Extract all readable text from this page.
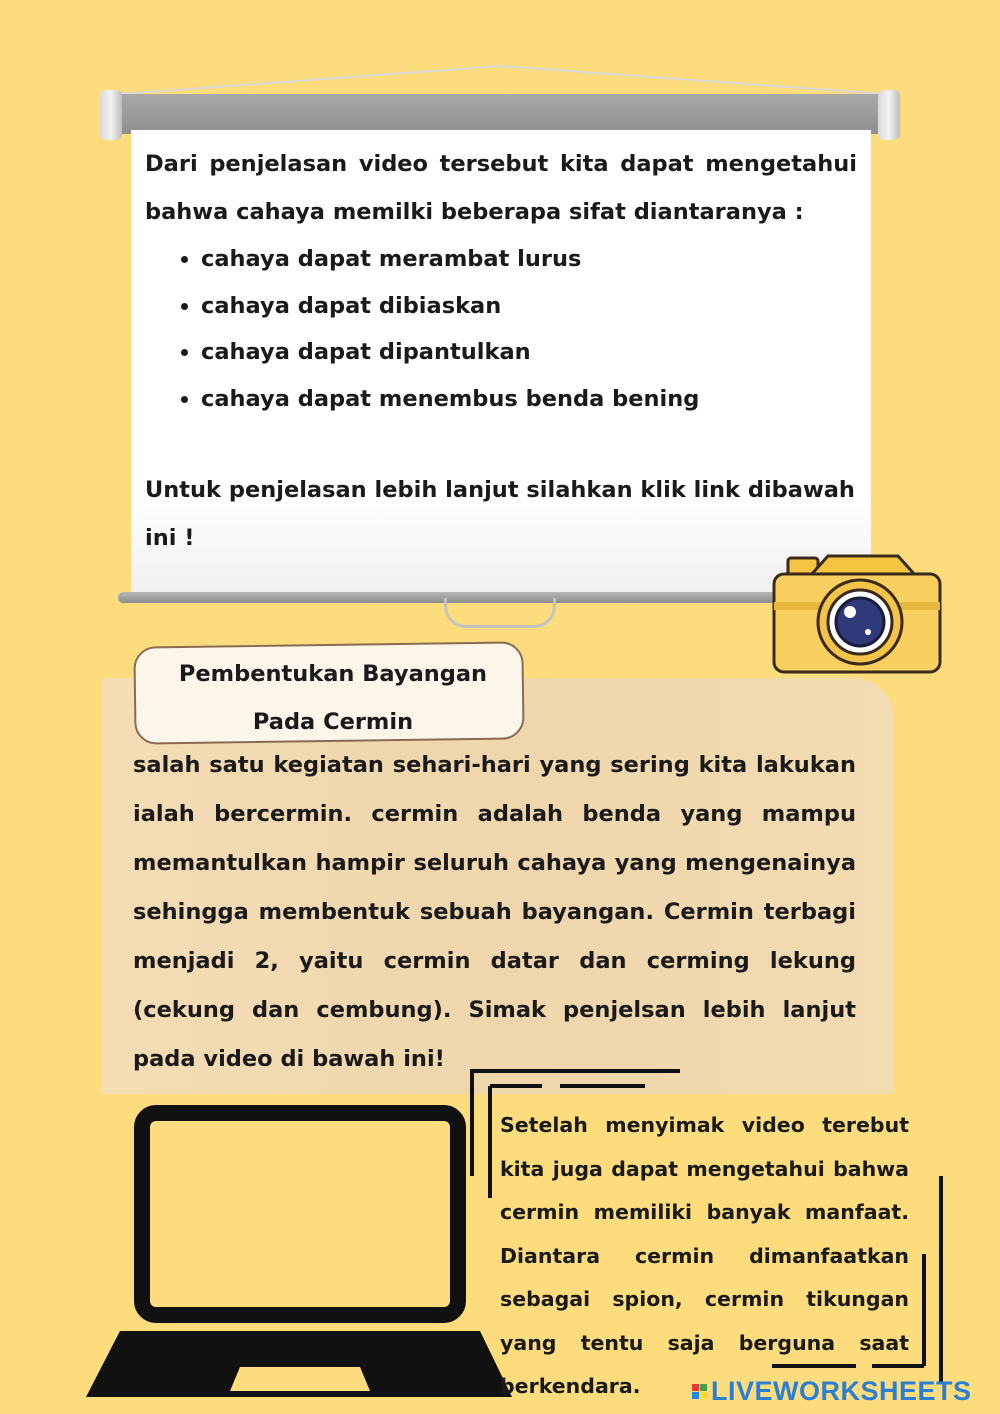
Dari penjelasan video tersebut kita dapat mengetahui bahwa cahaya memilki beberapa sifat diantaranya :

• cahaya dapat merambat lurus
• cahaya dapat dibiaskan
• cahaya dapat dipantulkan
• cahaya dapat menembus benda bening

Untuk penjelasan lebih lanjut silahkan klik link dibawah ini !

Pembentukan Bayangan Pada Cermin

salah satu kegiatan sehari-hari yang sering kita lakukan ialah bercermin. cermin adalah benda yang mampu memantulkan hampir seluruh cahaya yang mengenainya sehingga membentuk sebuah bayangan. Cermin terbagi menjadi 2, yaitu cermin datar dan cerming lekung (cekung dan cembung). Simak penjelsan lebih lanjut pada video di bawah ini!

Setelah menyimak video terebut kita juga dapat mengetahui bahwa cermin memiliki banyak manfaat. Diantara cermin dimanfaatkan sebagai spion, cermin tikungan yang tentu saja berguna saat berkendara.	LIVEWORKSHEETS
